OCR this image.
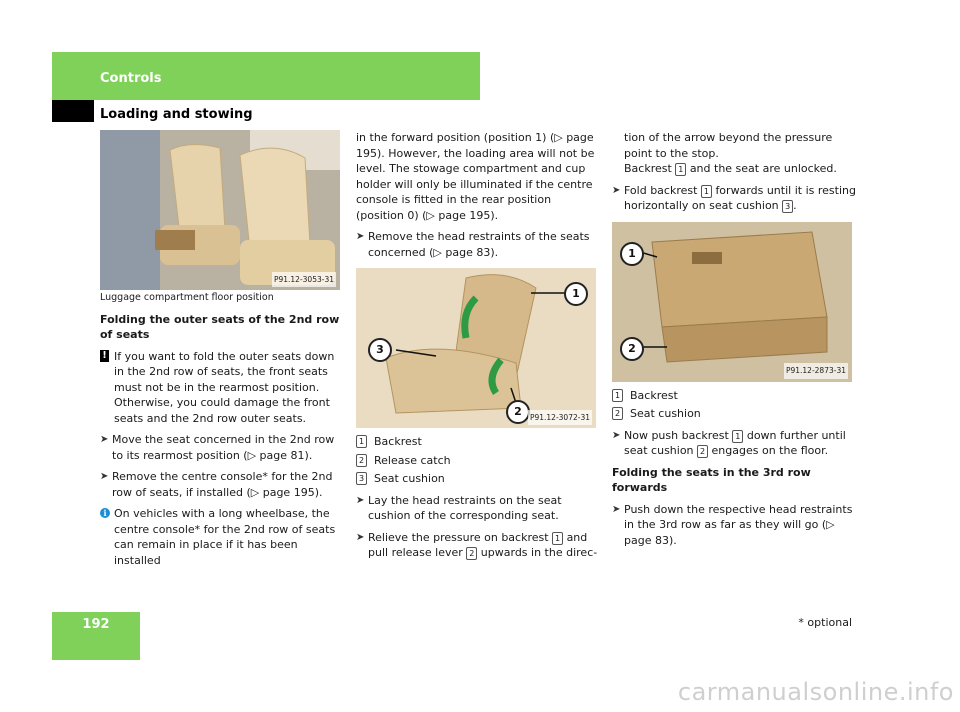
Controls
Loading and stowing
P91.12-3053-31

Luggage compartment floor position

Folding the outer seats of the 2nd row of seats

! If you want to fold the outer seats down in the 2nd row of seats, the front seats must not be in the rearmost position. Otherwise, you could damage the front seats and the 2nd row outer seats.
➤ Move the seat concerned in the 2nd row to its rearmost position (▷ page 81).
➤ Remove the centre console* for the 2nd row of seats, if installed (▷ page 195).
i On vehicles with a long wheelbase, the centre console* for the 2nd row of seats can remain in place if it has been installed

in the forward position (position 1) (▷ page 195). However, the loading area will not be level. The stowage compartment and cup holder will only be illuminated if the centre console is fitted in the rear position (position 0) (▷ page 195).

➤ Remove the head restraints of the seats concerned (▷ page 83).
1
2
3
P91.12-3072-31
1 Backrest
2 Release catch
3 Seat cushion
➤ Lay the head restraints on the seat cushion of the corresponding seat.
➤ Relieve the pressure on backrest 1 and pull release lever 2 upwards in the direc-

tion of the arrow beyond the pressure point to the stop.
Backrest 1 and the seat are unlocked.

➤ Fold backrest 1 forwards until it is resting horizontally on seat cushion 3 .
1
2
P91.12-2873-31
1 Backrest
2 Seat cushion
➤ Now push backrest 1 down further until seat cushion 2 engages on the floor.

Folding the seats in the 3rd row forwards

➤ Push down the respective head restraints in the 3rd row as far as they will go (▷ page 83).
192	* optional
carmanualsonline.info
